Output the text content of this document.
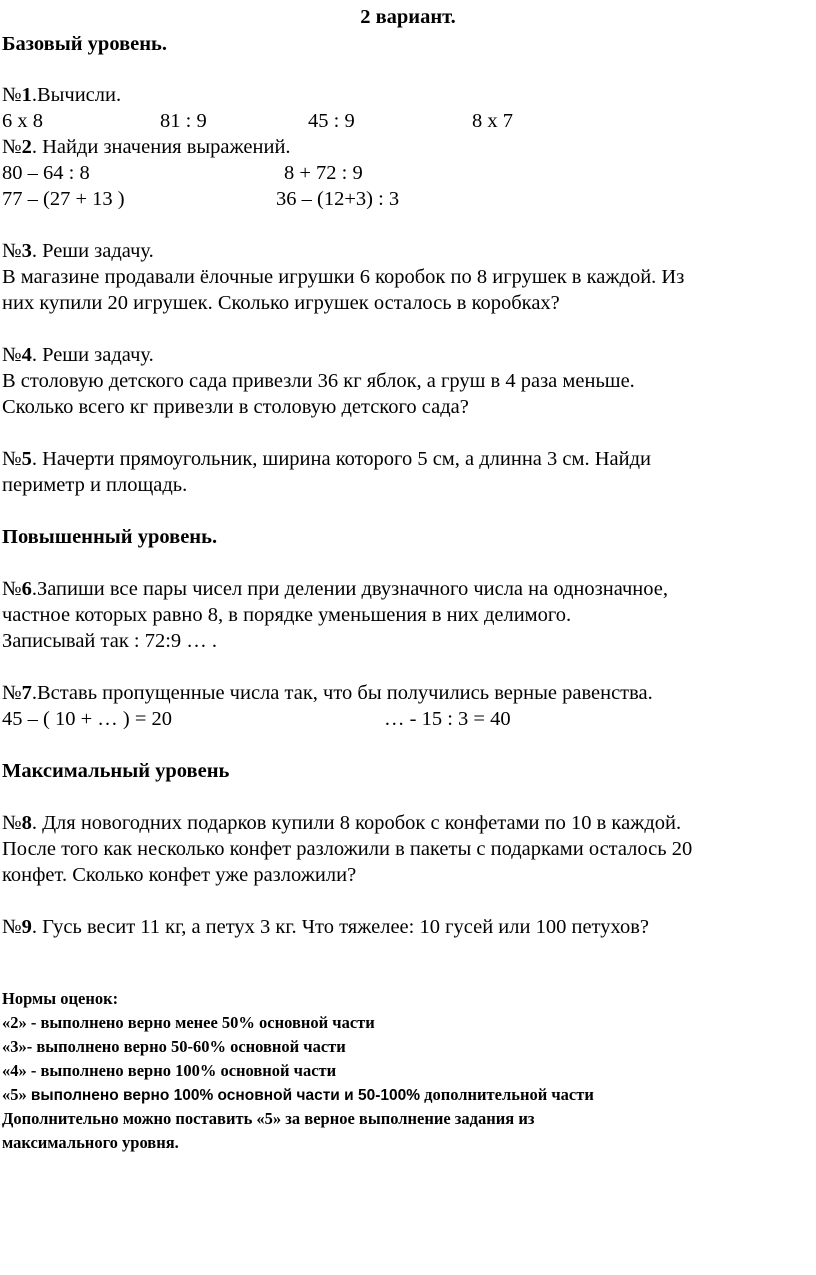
2 вариант.
Базовый уровень.
№1.Вычисли.
6 х 8	81 : 9	45 : 9	8 х 7
№2. Найди значения выражений.
80 – 64 : 8	8 + 72 : 9
77 – (27 + 13 )	36 – (12+3) : 3
№3. Реши задачу.
В магазине продавали ёлочные игрушки 6 коробок по 8 игрушек в каждой. Из
них купили 20 игрушек. Сколько игрушек осталось в коробках?
№4. Реши задачу.
В столовую детского сада привезли 36 кг яблок, а груш в 4 раза меньше.
Сколько всего кг привезли в столовую детского сада?
№5. Начерти прямоугольник, ширина которого 5 см, а длинна 3 см. Найди
периметр и площадь.
Повышенный уровень.
№6.Запиши все пары чисел при делении двузначного числа на однозначное,
частное которых равно 8, в порядке уменьшения в них делимого.
Записывай так : 72:9 … .
№7.Вставь пропущенные числа так, что бы получились верные равенства.
45 – ( 10 + … ) = 20	… - 15 : 3 = 40
Максимальный уровень
№8. Для новогодних подарков купили 8 коробок с конфетами по 10 в каждой.
После того как несколько конфет разложили в пакеты с подарками осталось 20
конфет. Сколько конфет уже разложили?
№9. Гусь весит 11 кг, а петух 3 кг. Что тяжелее: 10 гусей или 100 петухов?
Нормы оценок:
«2» - выполнено верно менее 50% основной части
«3»- выполнено верно 50-60% основной части
«4» - выполнено верно 100% основной части
«5» выполнено верно 100% основной части и 50-100% дополнительной части
Дополнительно можно поставить «5» за верное выполнение задания из
максимального уровня.
